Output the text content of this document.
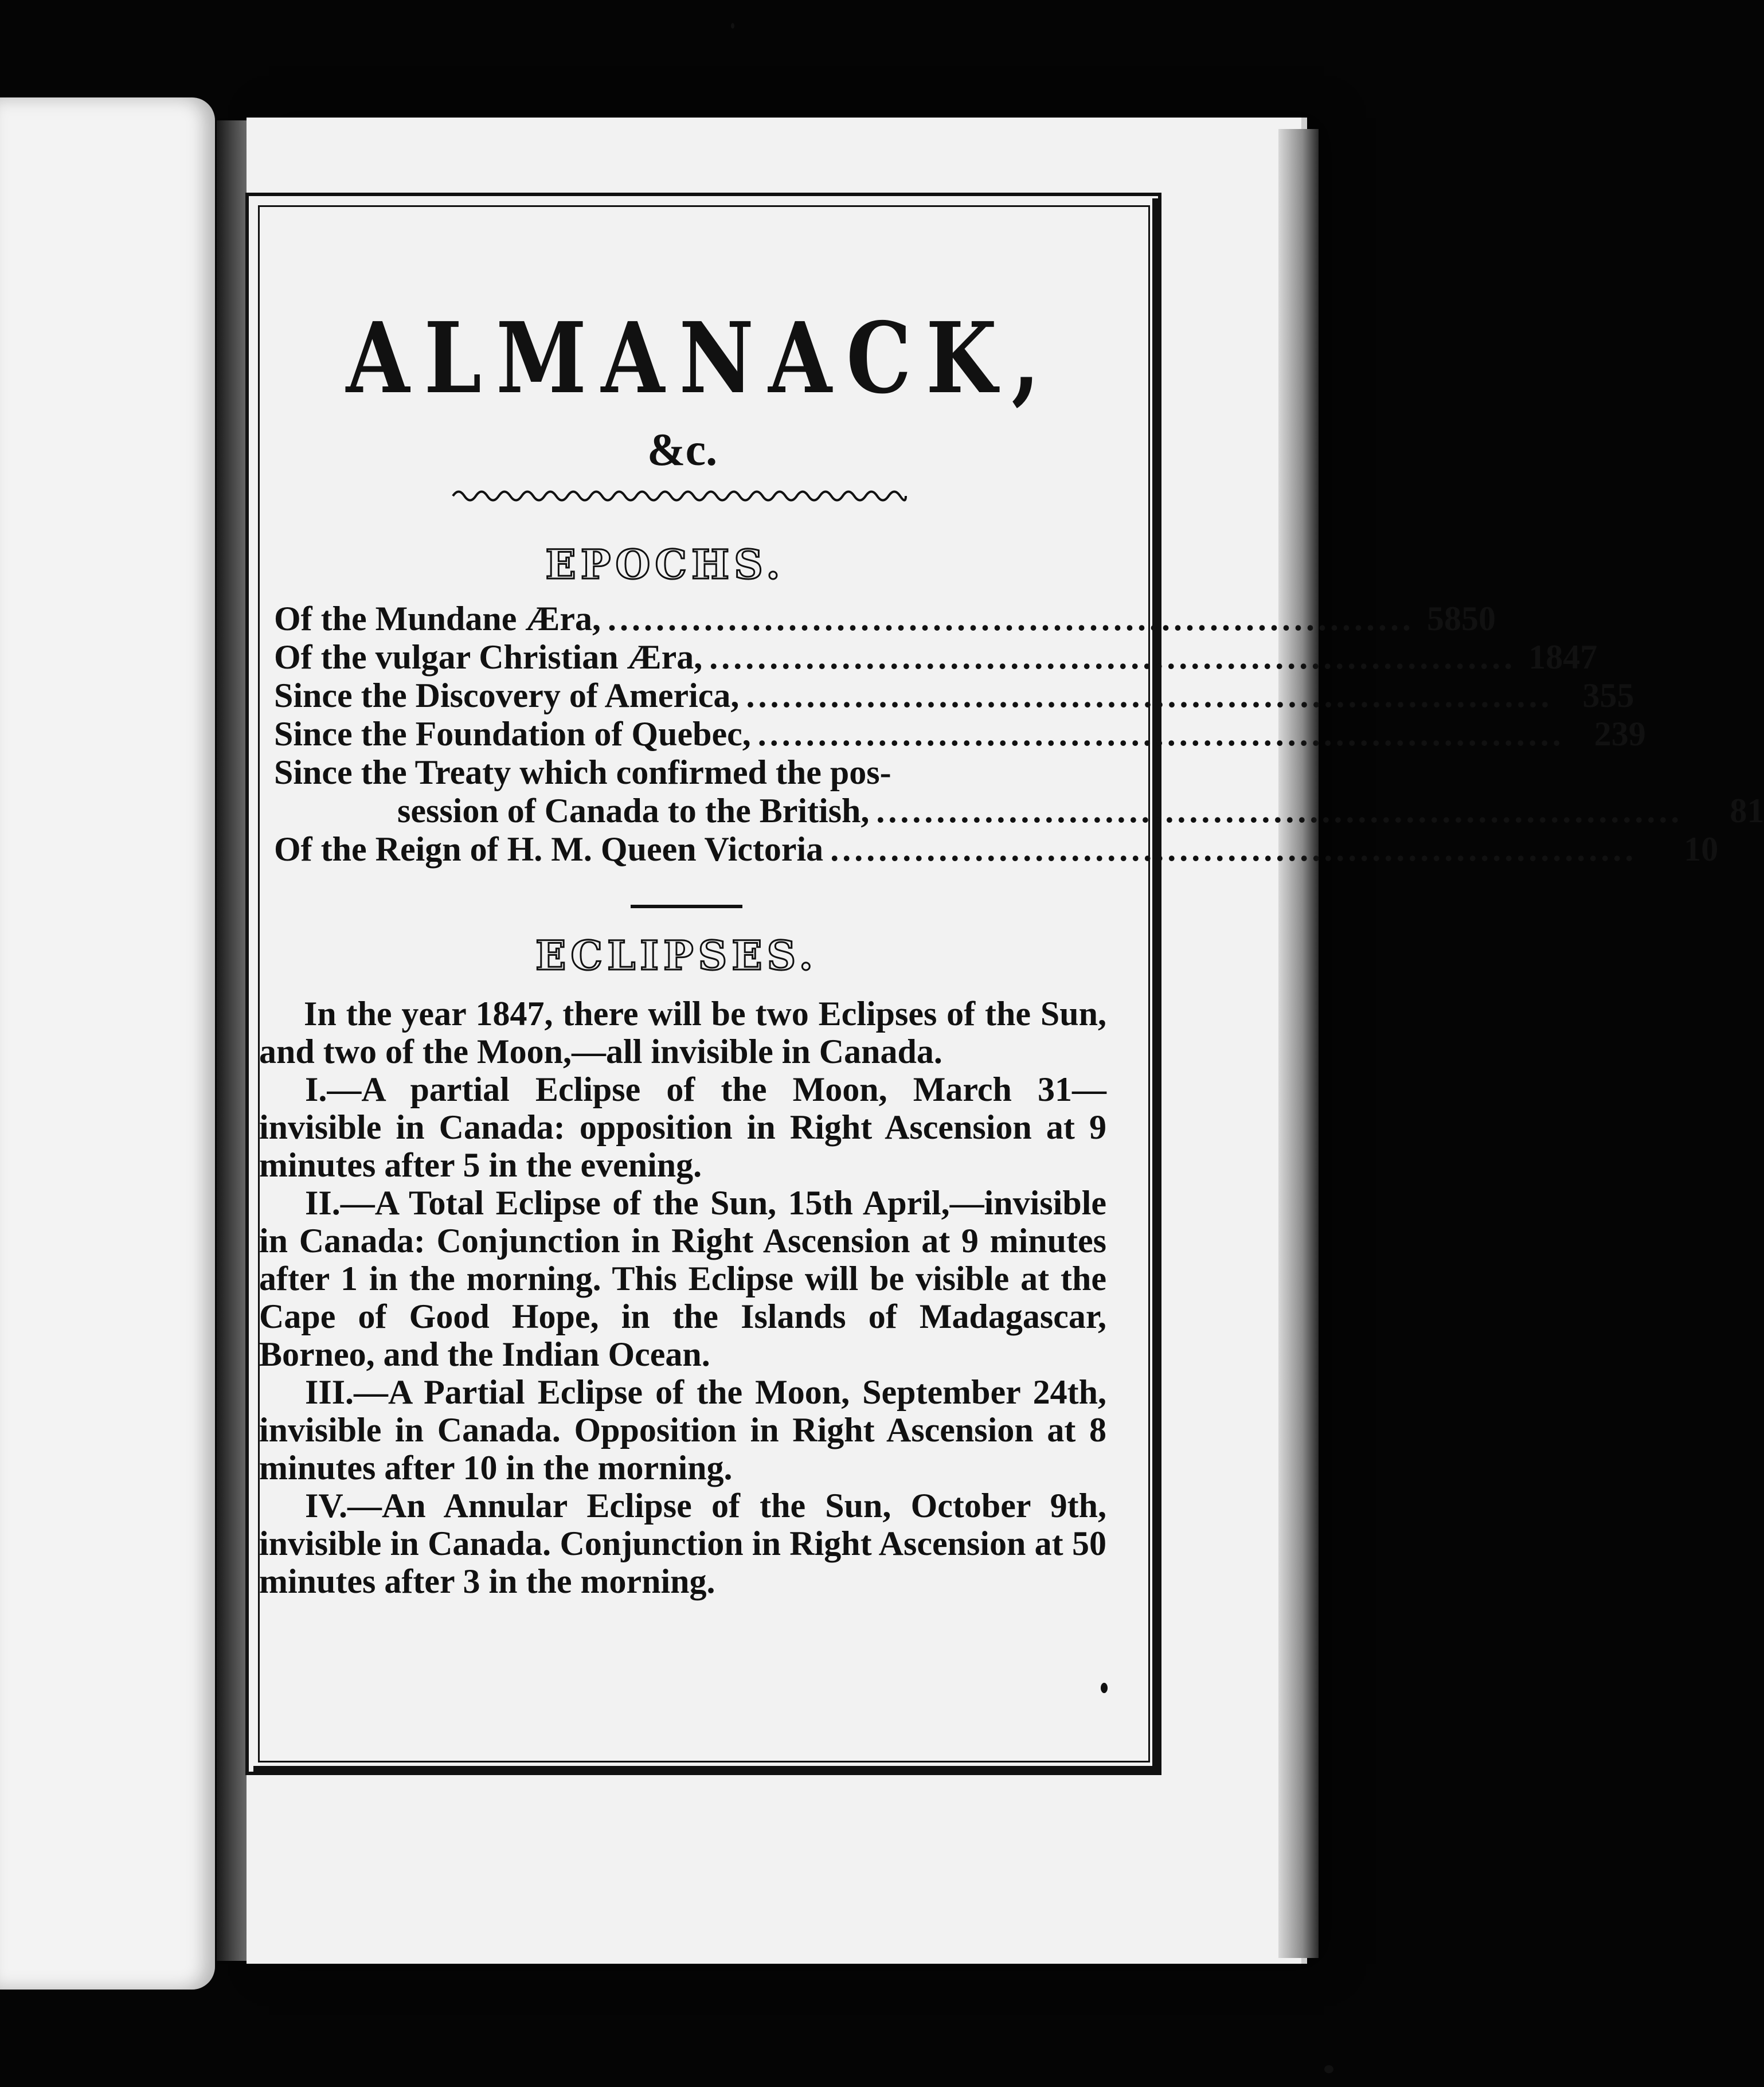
ALMANACK,
&c.
EPOCHS.
Of the Mundane Æra, ................................................................... 5850
Of the vulgar Christian Æra, ................................................................... 1847
Since the Discovery of America, ................................................................... 355
Since the Foundation of Quebec, ................................................................... 239
Since the Treaty which confirmed the pos-
session of Canada to the British, ...................................................................	81
Of the Reign of H. M. Queen Victoria ...................................................................	10
ECLIPSES.

In the year 1847, there will be two Eclipses of the Sun, and two of the Moon,—all invisible in Canada.

I.—A partial Eclipse of the Moon, March 31—invisible in Canada: opposition in Right Ascension at 9 minutes after 5 in the evening.

II.—A Total Eclipse of the Sun, 15th April,—invisible in Canada: Conjunction in Right Ascension at 9 minutes after 1 in the morning. This Eclipse will be visible at the Cape of Good Hope, in the Islands of Madagascar, Borneo, and the Indian Ocean.

III.—A Partial Eclipse of the Moon, September 24th, invisible in Canada. Opposition in Right Ascension at 8 minutes after 10 in the morning.

IV.—An Annular Eclipse of the Sun, October 9th, invisible in Canada. Conjunction in Right Ascension at 50 minutes after 3 in the morning.
